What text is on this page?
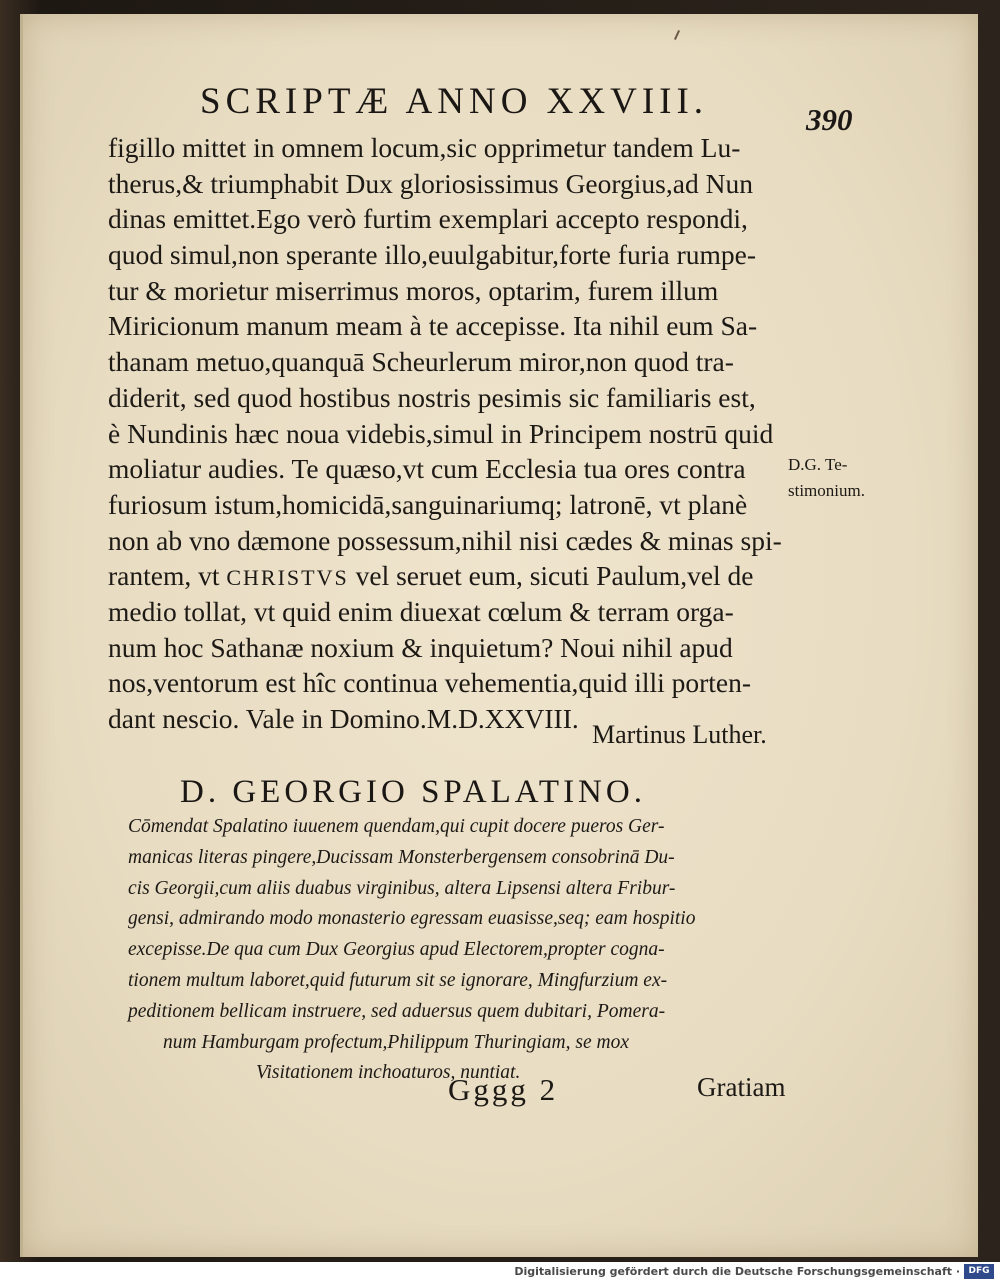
SCRIPTÆ ANNO XXVIII.	390
figillo mittet in omnem locum,sic opprimetur tandem Lu-
therus,& triumphabit Dux gloriosissimus Georgius,ad Nun
dinas emittet.Ego verò furtim exemplari accepto respondi,
quod simul,non sperante illo,euulgabitur,forte furia rumpe-
tur & morietur miserrimus moros, optarim, furem illum
Miricionum manum meam à te accepisse. Ita nihil eum Sa-
thanam metuo,quanquā Scheurlerum miror,non quod tra-
diderit, sed quod hostibus nostris pesimis sic familiaris est,
è Nundinis hæc noua videbis,simul in Principem nostrū quid
moliatur audies. Te quæso,vt cum Ecclesia tua ores contra
furiosum istum,homicidā,sanguinariumq; latronē, vt planè
non ab vno dæmone possessum,nihil nisi cædes & minas spi-
rantem, vt CHRISTVS vel seruet eum, sicuti Paulum,vel de
medio tollat, vt quid enim diuexat cœlum & terram orga-
num hoc Sathanæ noxium & inquietum? Noui nihil apud
nos,ventorum est hîc continua vehementia,quid illi porten-
dant nescio. Vale in Domino.M.D.XXVIII.
D.G. Te-
stimonium.
Martinus Luther.
D. GEORGIO SPALATINO.
Cōmendat Spalatino iuuenem quendam,qui cupit docere pueros Ger-
manicas literas pingere,Ducissam Monsterbergensem consobrinā Du-
cis Georgii,cum aliis duabus virginibus, altera Lipsensi altera Fribur-
gensi, admirando modo monasterio egressam euasisse,seq; eam hospitio
excepisse.De qua cum Dux Georgius apud Electorem,propter cogna-
tionem multum laboret,quid futurum sit se ignorare, Mingfurzium ex-
peditionem bellicam instruere, sed aduersus quem dubitari, Pomera-
num Hamburgam profectum,Philippum Thuringiam, se mox
Visitationem inchoaturos, nuntiat.
Gggg 2	Gratiam
Digitalisierung gefördert durch die Deutsche Forschungsgemeinschaft · DFG
